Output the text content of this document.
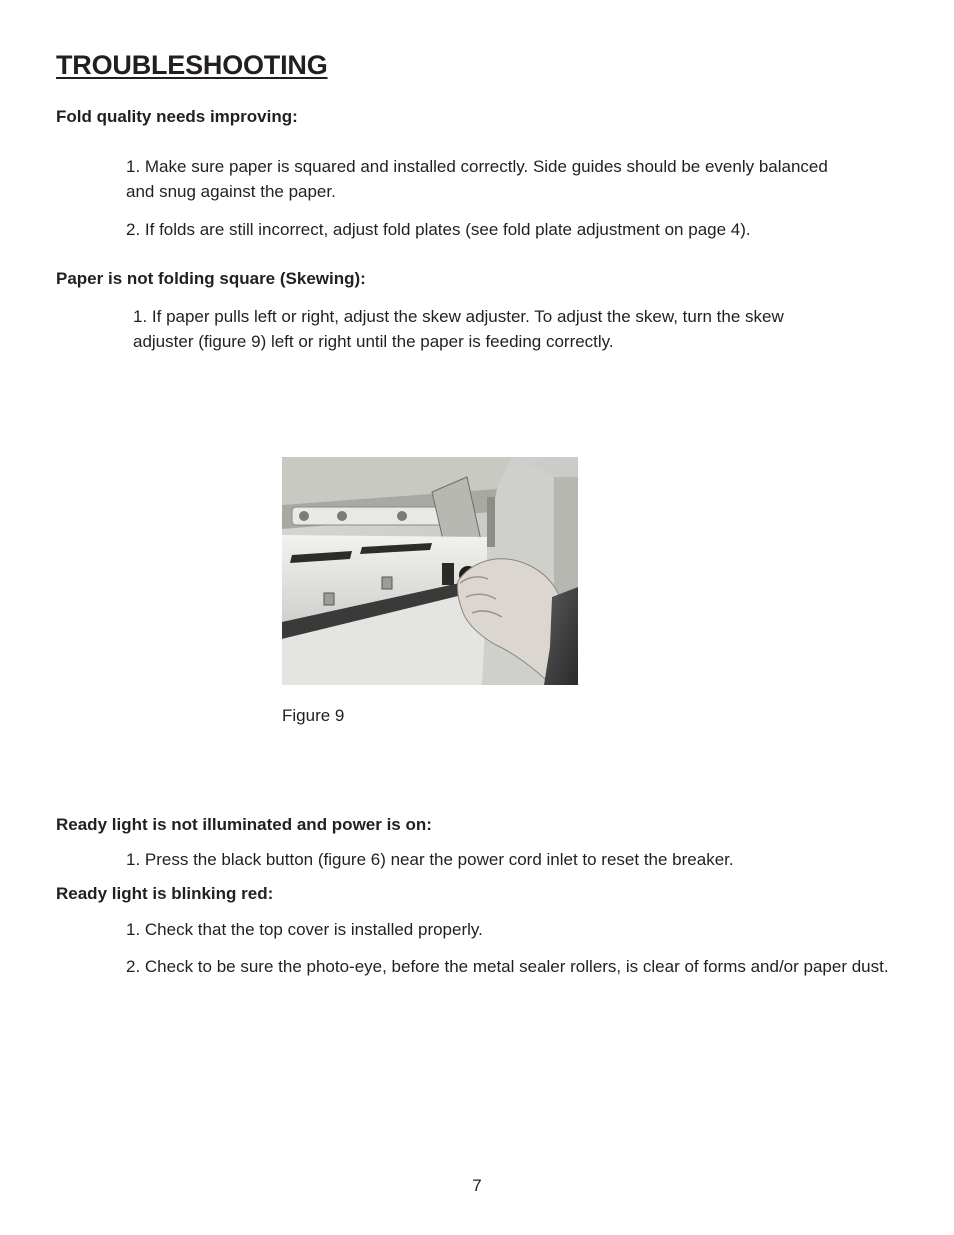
TROUBLESHOOTING
Fold quality needs improving:
1. Make sure paper is squared and installed correctly. Side guides should be evenly balanced and snug against the paper.
2. If folds are still incorrect, adjust fold plates (see fold plate adjustment on page 4).
Paper is not folding square (Skewing):
1. If paper pulls left or right, adjust the skew adjuster. To adjust the skew, turn the skew adjuster (figure 9) left or right until the paper is feeding correctly.
Figure 9
Ready light is not illuminated and power is on:
1. Press the black button (figure 6) near the power cord inlet to reset the breaker.
Ready light is blinking red:
1. Check that the top cover is installed properly.
2. Check to be sure the photo-eye, before the metal sealer rollers, is clear of forms and/or paper dust.
7
